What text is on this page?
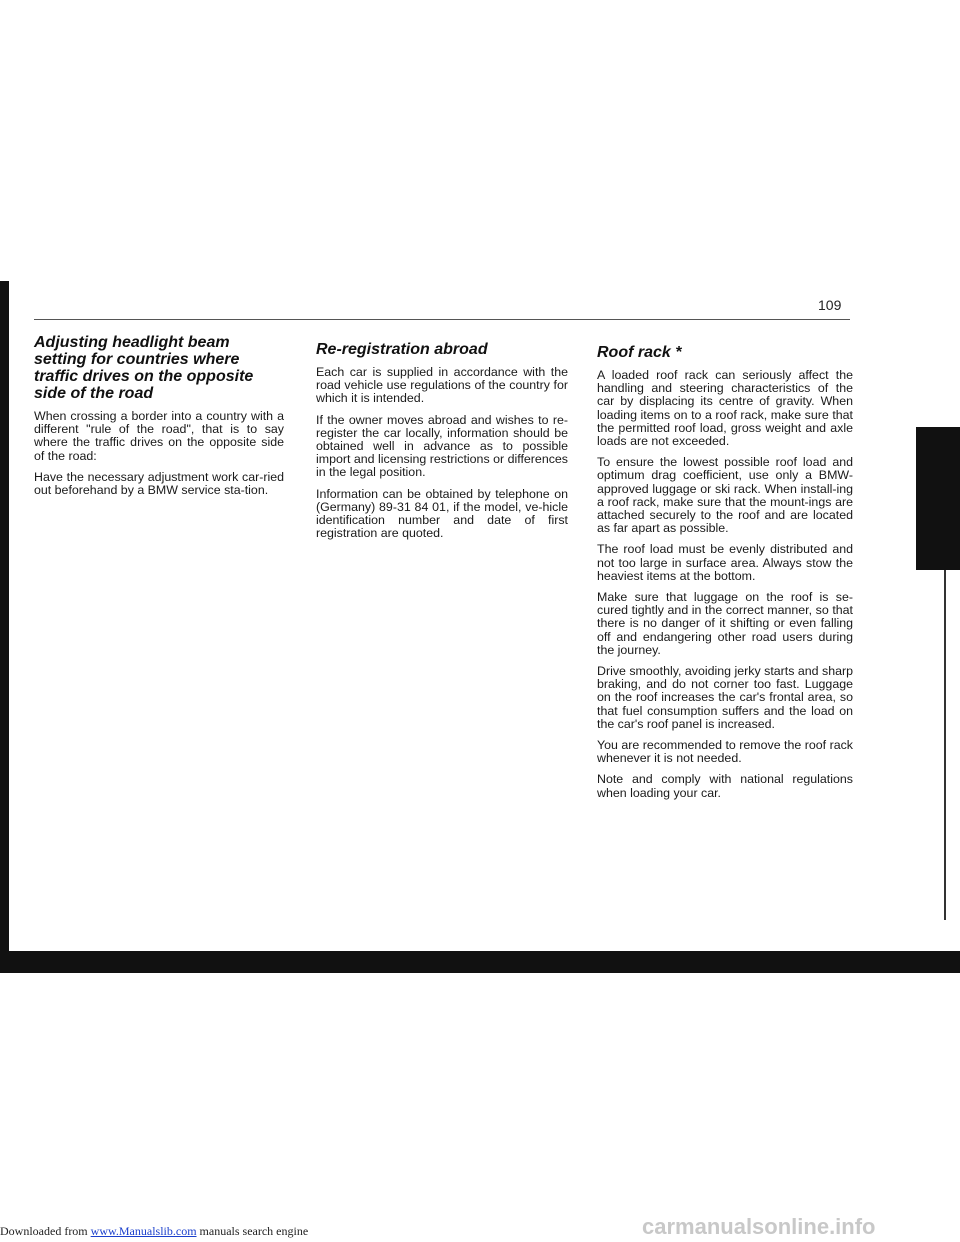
109
Adjusting headlight beam setting for countries where traffic drives on the opposite side of the road

When crossing a border into a country with a different "rule of the road", that is to say where the traffic drives on the opposite side of the road:

Have the necessary adjustment work car-ried out beforehand by a BMW service sta-tion.

Re-registration abroad

Each car is supplied in accordance with the road vehicle use regulations of the country for which it is intended.

If the owner moves abroad and wishes to re-register the car locally, information should be obtained well in advance as to possible import and licensing restrictions or differences in the legal position.

Information can be obtained by telephone on (Germany) 89-31 84 01, if the model, ve-hicle identification number and date of first registration are quoted.

Roof rack *

A loaded roof rack can seriously affect the handling and steering characteristics of the car by displacing its centre of gravity. When loading items on to a roof rack, make sure that the permitted roof load, gross weight and axle loads are not exceeded.

To ensure the lowest possible roof load and optimum drag coefficient, use only a BMW-approved luggage or ski rack. When install-ing a roof rack, make sure that the mount-ings are attached securely to the roof and are located as far apart as possible.

The roof load must be evenly distributed and not too large in surface area. Always stow the heaviest items at the bottom.

Make sure that luggage on the roof is se-cured tightly and in the correct manner, so that there is no danger of it shifting or even falling off and endangering other road users during the journey.

Drive smoothly, avoiding jerky starts and sharp braking, and do not corner too fast. Luggage on the roof increases the car's frontal area, so that fuel consumption suffers and the load on the car's roof panel is increased.

You are recommended to remove the roof rack whenever it is not needed.

Note and comply with national regulations when loading your car.

Downloaded from www.Manualslib.com manuals search engine	carmanualsonline.info
